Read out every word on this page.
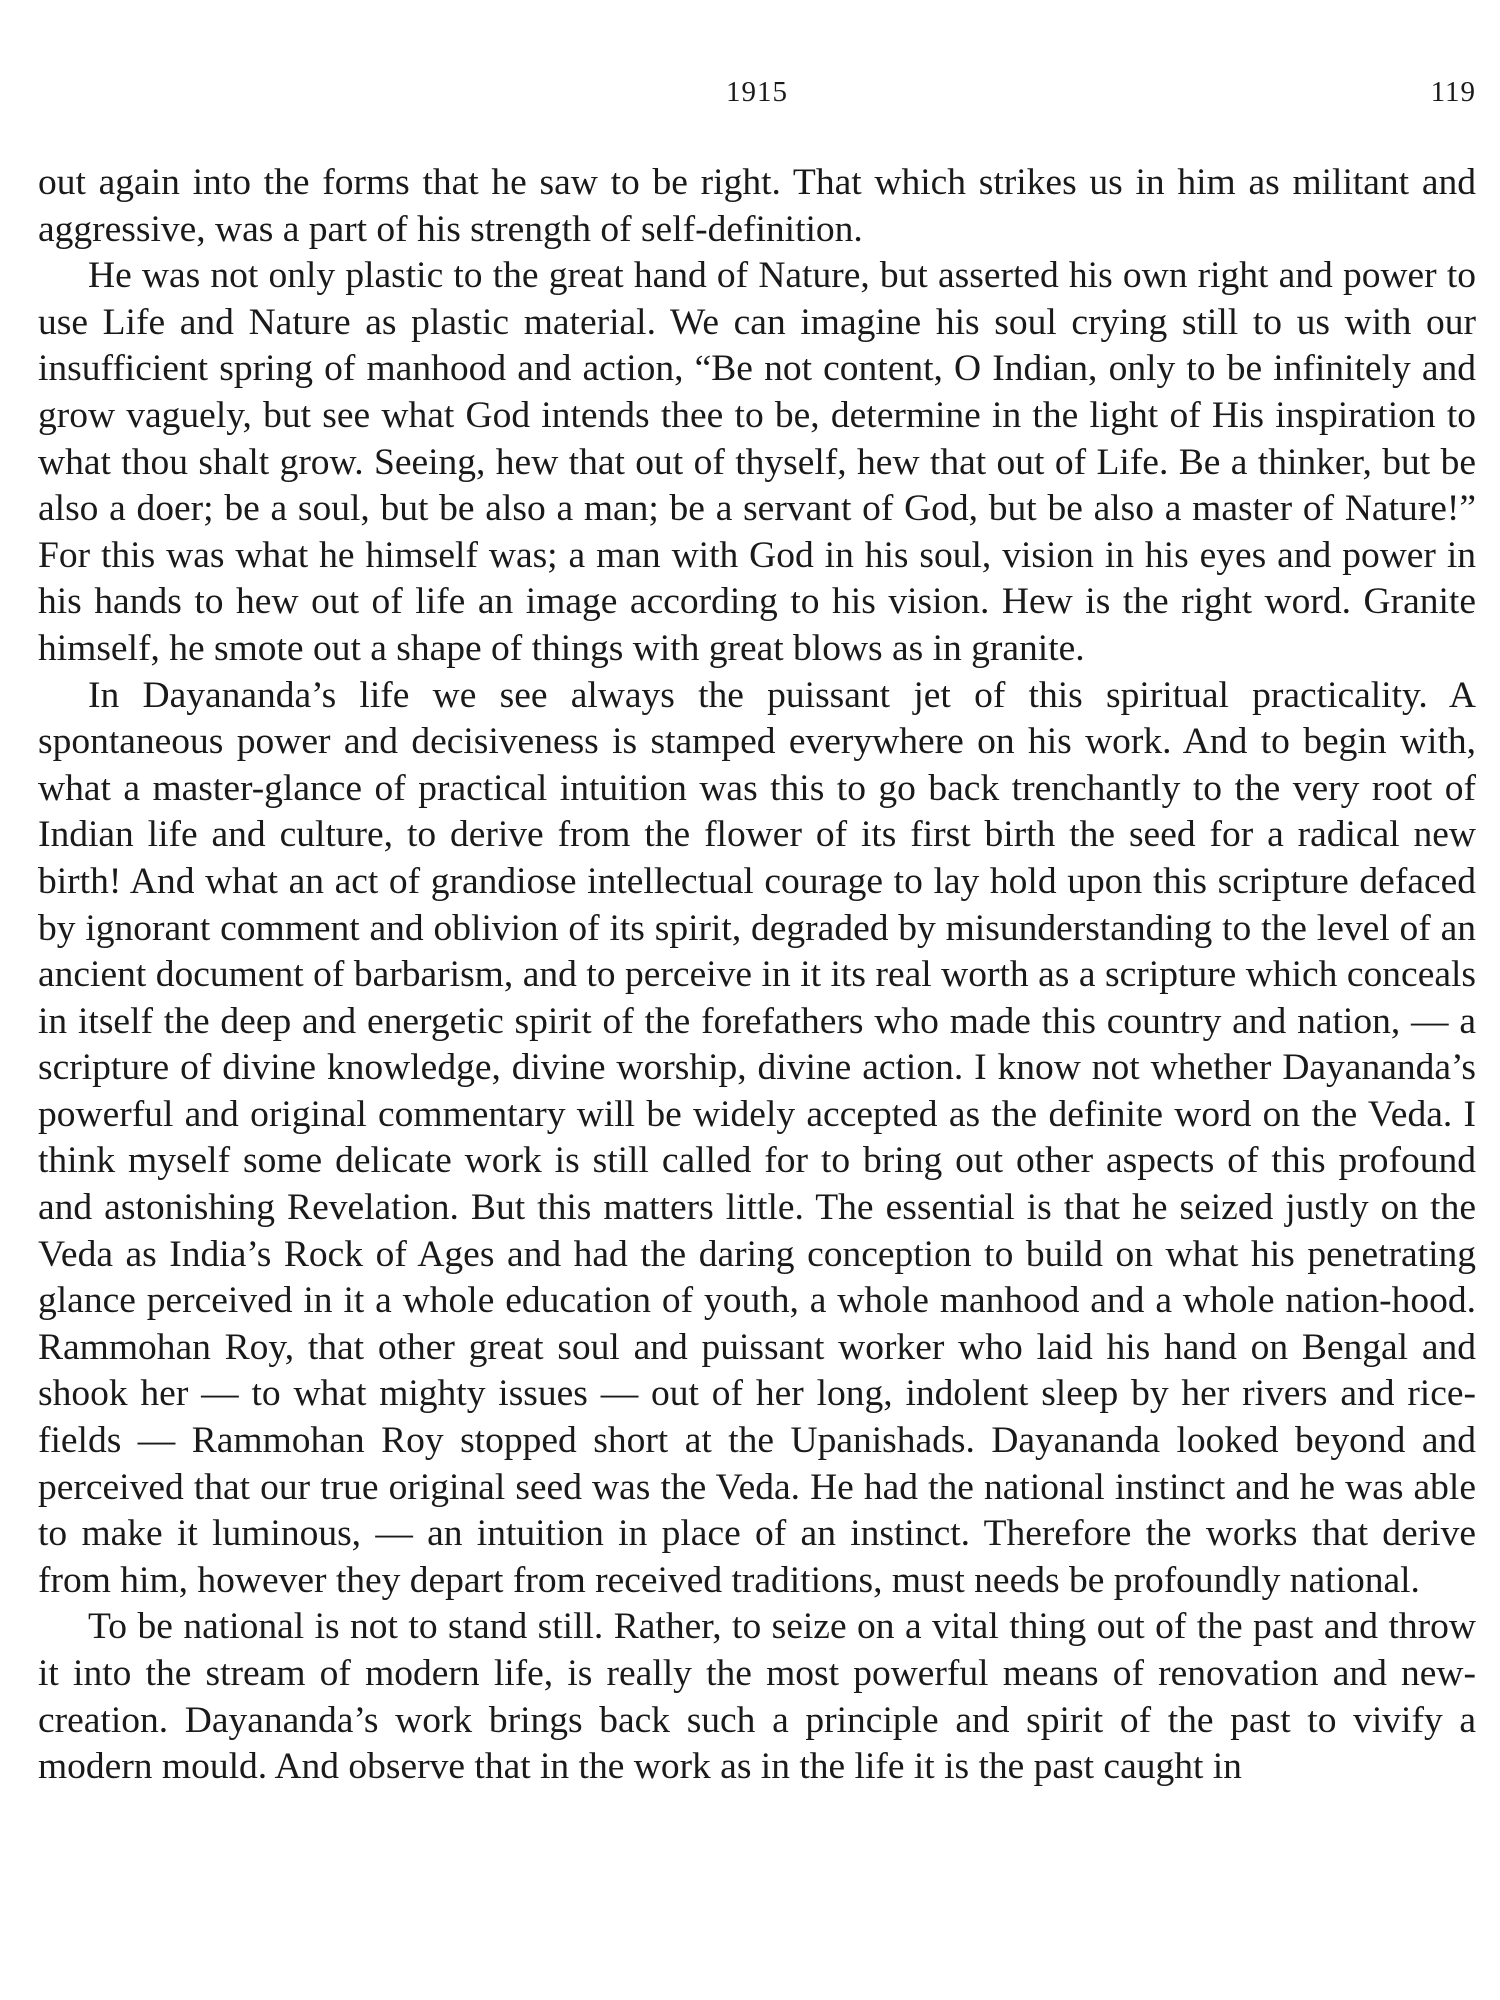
1915	119

out again into the forms that he saw to be right. That which strikes us in him as militant and aggressive, was a part of his strength of self-definition.

He was not only plastic to the great hand of Nature, but asserted his own right and power to use Life and Nature as plastic material. We can imagine his soul crying still to us with our insufficient spring of manhood and action, “Be not content, O Indian, only to be infinitely and grow vaguely, but see what God intends thee to be, determine in the light of His inspiration to what thou shalt grow. Seeing, hew that out of thyself, hew that out of Life. Be a thinker, but be also a doer; be a soul, but be also a man; be a servant of God, but be also a master of Nature!” For this was what he himself was; a man with God in his soul, vision in his eyes and power in his hands to hew out of life an image according to his vision. Hew is the right word. Granite himself, he smote out a shape of things with great blows as in granite.

In Dayananda’s life we see always the puissant jet of this spiritual practicality. A spontaneous power and decisiveness is stamped everywhere on his work. And to begin with, what a master-glance of practical intuition was this to go back trenchantly to the very root of Indian life and culture, to derive from the flower of its first birth the seed for a radical new birth! And what an act of grandiose intellectual courage to lay hold upon this scripture defaced by ignorant comment and oblivion of its spirit, degraded by misunderstanding to the level of an ancient document of barbarism, and to perceive in it its real worth as a scripture which conceals in itself the deep and energetic spirit of the forefathers who made this country and nation, — a scripture of divine knowledge, divine worship, divine action. I know not whether Dayananda’s powerful and original commentary will be widely accepted as the definite word on the Veda. I think myself some delicate work is still called for to bring out other aspects of this profound and astonishing Revelation. But this matters little. The essential is that he seized justly on the Veda as India’s Rock of Ages and had the daring conception to build on what his penetrating glance perceived in it a whole education of youth, a whole manhood and a whole nation-hood. Rammohan Roy, that other great soul and puissant worker who laid his hand on Bengal and shook her — to what mighty issues — out of her long, indolent sleep by her rivers and rice-fields — Rammohan Roy stopped short at the Upanishads. Dayananda looked beyond and perceived that our true original seed was the Veda. He had the national instinct and he was able to make it luminous, — an intuition in place of an instinct. Therefore the works that derive from him, however they depart from received traditions, must needs be profoundly national.

To be national is not to stand still. Rather, to seize on a vital thing out of the past and throw it into the stream of modern life, is really the most powerful means of renovation and new-creation. Dayananda’s work brings back such a principle and spirit of the past to vivify a modern mould. And observe that in the work as in the life it is the past caught in
